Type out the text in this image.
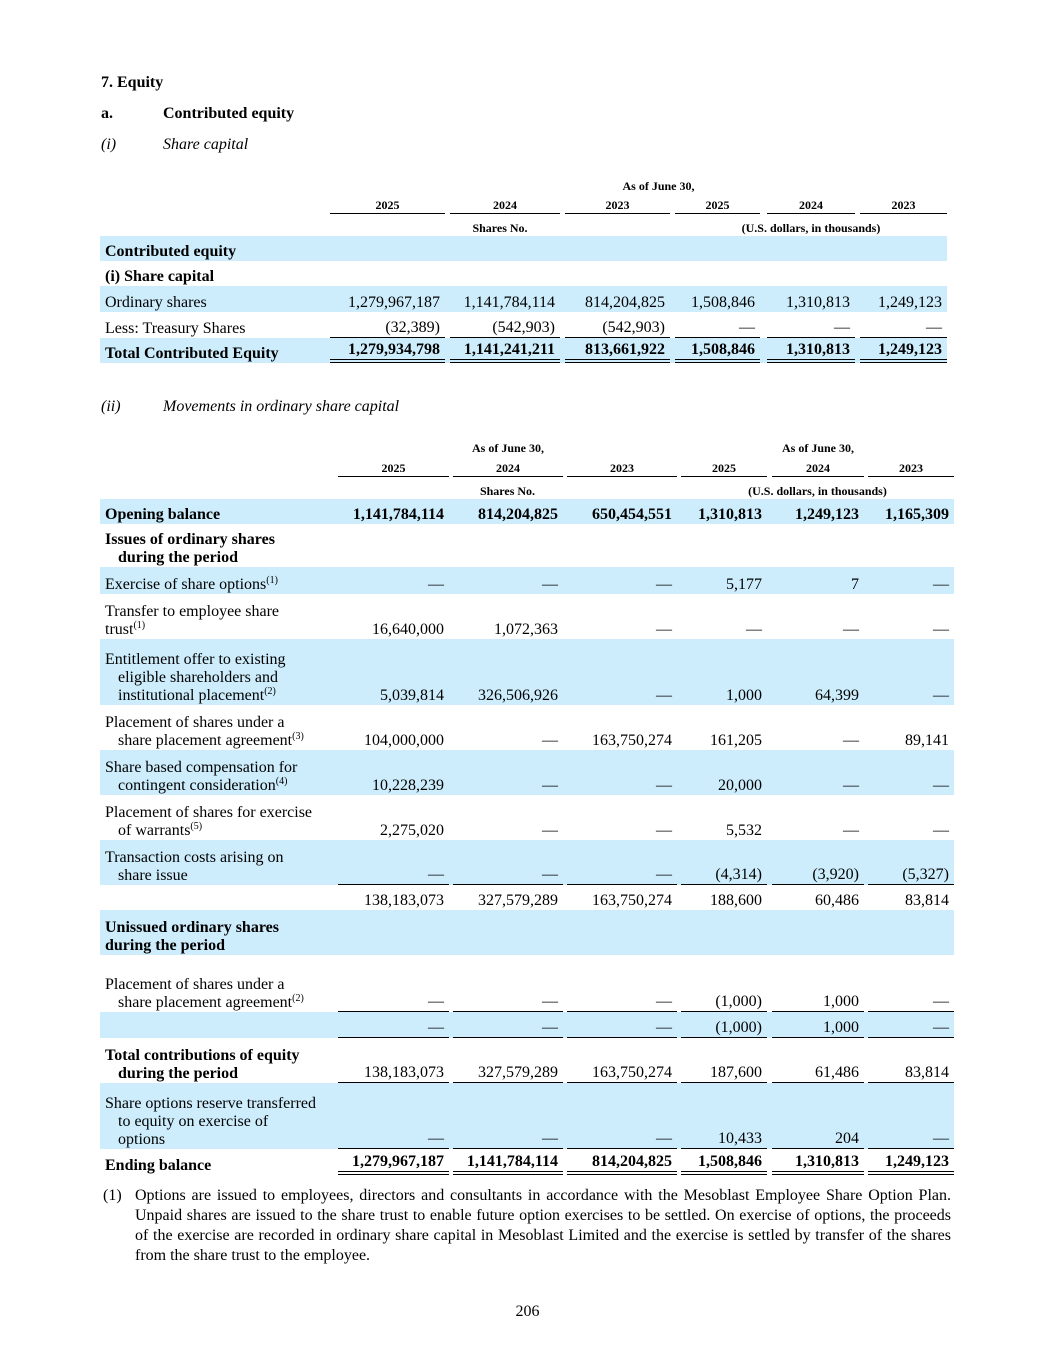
7. Equity
a.	Contributed equity
(i)	Share capital
	As of June 30,										
	2025		2024		2023		2025		2024		2023
	Shares No.						(U.S. dollars, in thousands)				
Contributed equity											
(i) Share capital											
Ordinary shares	1,279,967,187		1,141,784,114		814,204,825		1,508,846		1,310,813		1,249,123
Less: Treasury Shares	(32,389)		(542,903)		(542,903)		—		—		—
Total Contributed Equity	1,279,934,798		1,141,241,211		813,661,922		1,508,846		1,310,813		1,249,123
(ii)	Movements in ordinary share capital
			As of June 30,						As of June 30,		
	2025		2024		2023		2025		2024		2023
	Shares No.						(U.S. dollars, in thousands)				
Opening balance	1,141,784,114		814,204,825		650,454,551		1,310,813		1,249,123		1,165,309
Issues of ordinary shares
during the period											

Exercise of share options$^{(1)}$	—		—		—		5,177		7		—
Transfer to employee share
trust$^{(1)}$	16,640,000		1,072,363		—		—		—		—
Entitlement offer to existing
eligible shareholders and
institutional placement$^{(2)}$	5,039,814		326,506,926		—		1,000		64,399		—
Placement of shares under a
share placement agreement$^{(3)}$	104,000,000		—		163,750,274		161,205		—		89,141
Share based compensation for
contingent consideration$^{(4)}$	10,228,239		—		—		20,000		—		—
Placement of shares for exercise
of warrants$^{(5)}$	2,275,020		—		—		5,532		—		—
Transaction costs arising on
share issue	—		—		—		(4,314)		(3,920)		(5,327)
	138,183,073		327,579,289		163,750,274		188,600		60,486		83,814
Unissued ordinary shares
during the period											
Placement of shares under a
share placement agreement$^{(2)}$	—		—		—		(1,000)		1,000		—
	—		—		—		(1,000)		1,000		—
Total contributions of equity
during the period	138,183,073		327,579,289		163,750,274		187,600		61,486		83,814
Share options reserve transferred
to equity on exercise of
options	—		—		—		10,433		204		—
Ending balance	1,279,967,187		1,141,784,114		814,204,825		1,508,846		1,310,813		1,249,123
(1) Options are issued to employees, directors and consultants in accordance with the Mesoblast Employee Share Option Plan. Unpaid shares are issued to the share trust to enable future option exercises to be settled. On exercise of options, the proceeds of the exercise are recorded in ordinary share capital in Mesoblast Limited and the exercise is settled by transfer of the shares from the share trust to the employee.
206
